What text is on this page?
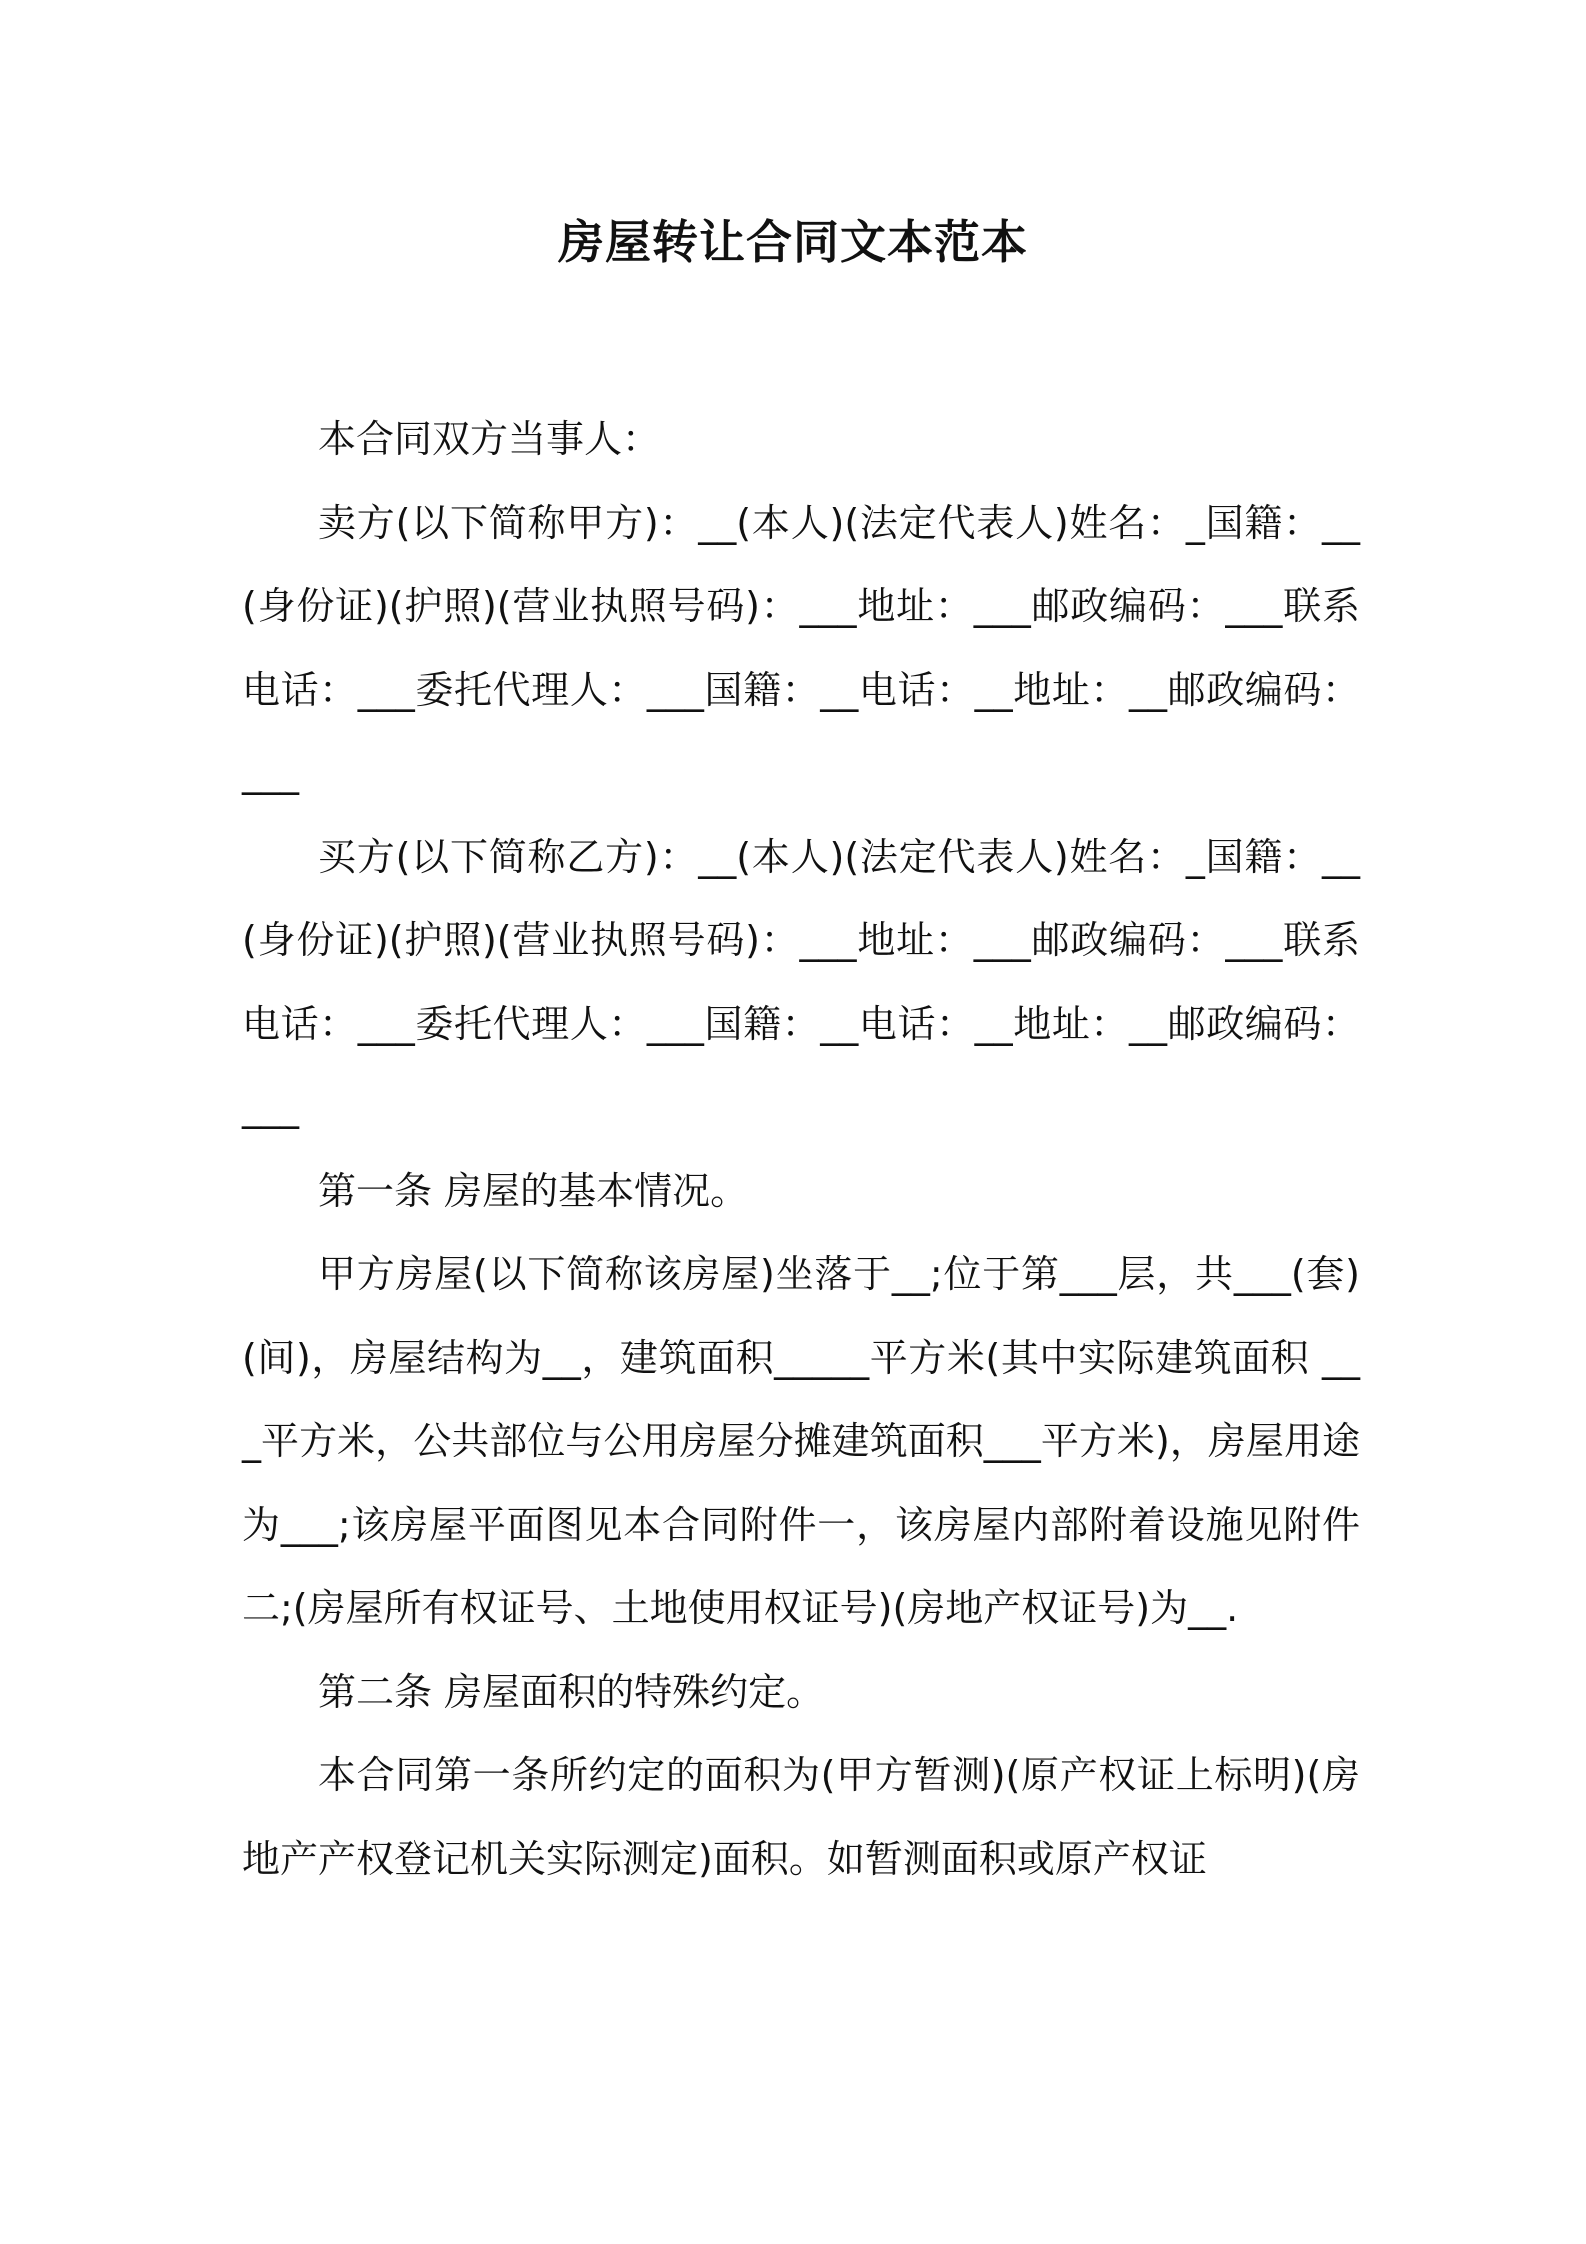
房屋转让合同文本范本

本合同双方当事人：

卖方(以下简称甲方)：__(本人)(法定代表人)姓名：_国籍：__(身份证)(护照)(营业执照号码)：___地址：___邮政编码：___联系电话：___委托代理人：___国籍：__电话：__地址：__邮政编码：___

买方(以下简称乙方)：__(本人)(法定代表人)姓名：_国籍：__(身份证)(护照)(营业执照号码)：___地址：___邮政编码：___联系电话：___委托代理人：___国籍：__电话：__地址：__邮政编码：___

第一条 房屋的基本情况。

甲方房屋(以下简称该房屋)坐落于__;位于第___层，共___(套)(间)，房屋结构为__，建筑面积_____平方米(其中实际建筑面积 ___平方米，公共部位与公用房屋分摊建筑面积___平方米)，房屋用途为___;该房屋平面图见本合同附件一，该房屋内部附着设施见附件二;(房屋所有权证号、土地使用权证号)(房地产权证号)为__.

第二条 房屋面积的特殊约定。

本合同第一条所约定的面积为(甲方暂测)(原产权证上标明)(房地产产权登记机关实际测定)面积。如暂测面积或原产权证
